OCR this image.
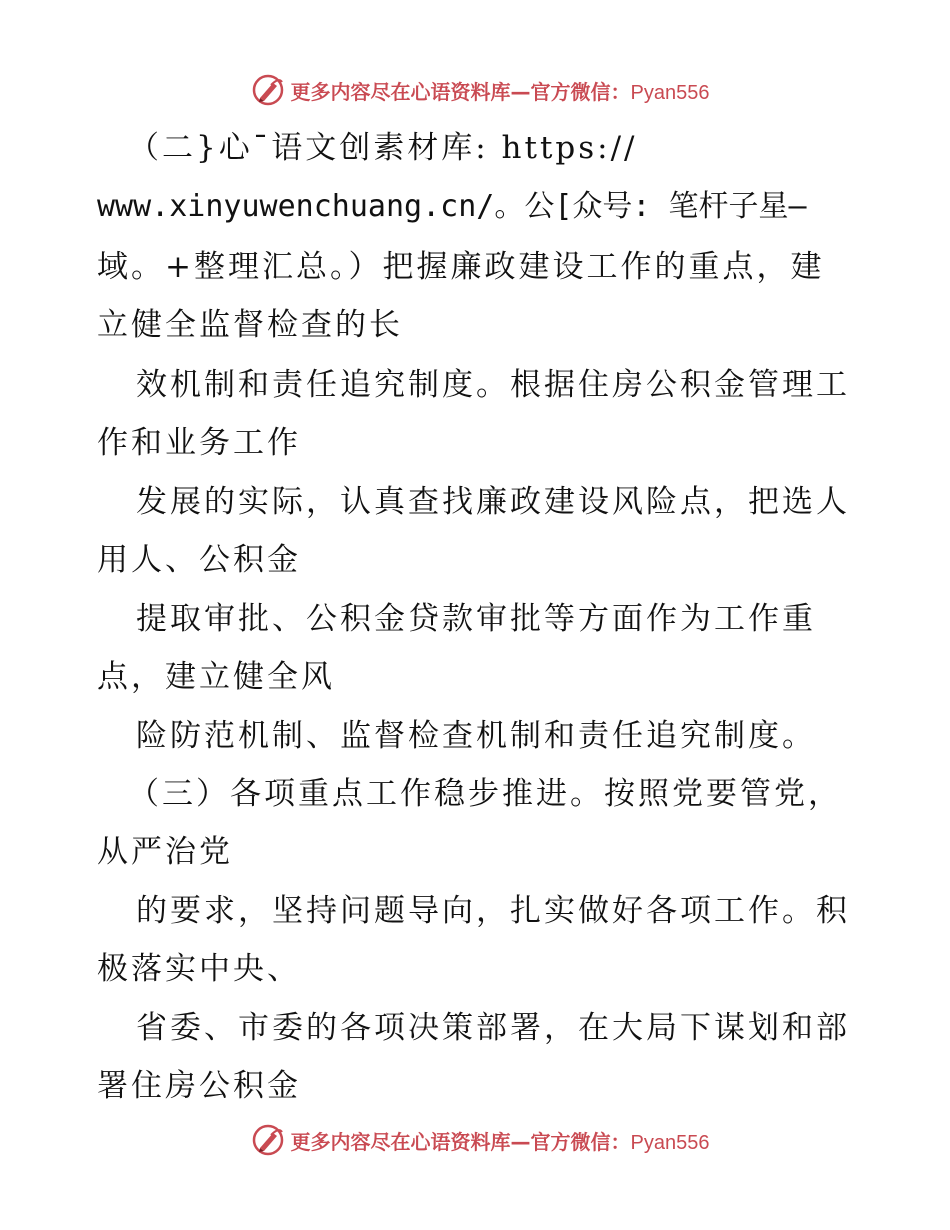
更多内容尽在心语资料库—官方微信：Pyan556
（二}心¯语文创素材库: https://
www.xinyuwenchuang.cn/。公[众号: 笔杆子星—
域。+整理汇总。）把握廉政建设工作的重点，建
立健全监督检查的长
效机制和责任追究制度。根据住房公积金管理工
作和业务工作
发展的实际，认真查找廉政建设风险点，把选人
用人、公积金
提取审批、公积金贷款审批等方面作为工作重
点，建立健全风
险防范机制、监督检查机制和责任追究制度。
（三）各项重点工作稳步推进。按照党要管党，
从严治党
的要求，坚持问题导向，扎实做好各项工作。积
极落实中央、
省委、市委的各项决策部署，在大局下谋划和部
署住房公积金
更多内容尽在心语资料库—官方微信：Pyan556
